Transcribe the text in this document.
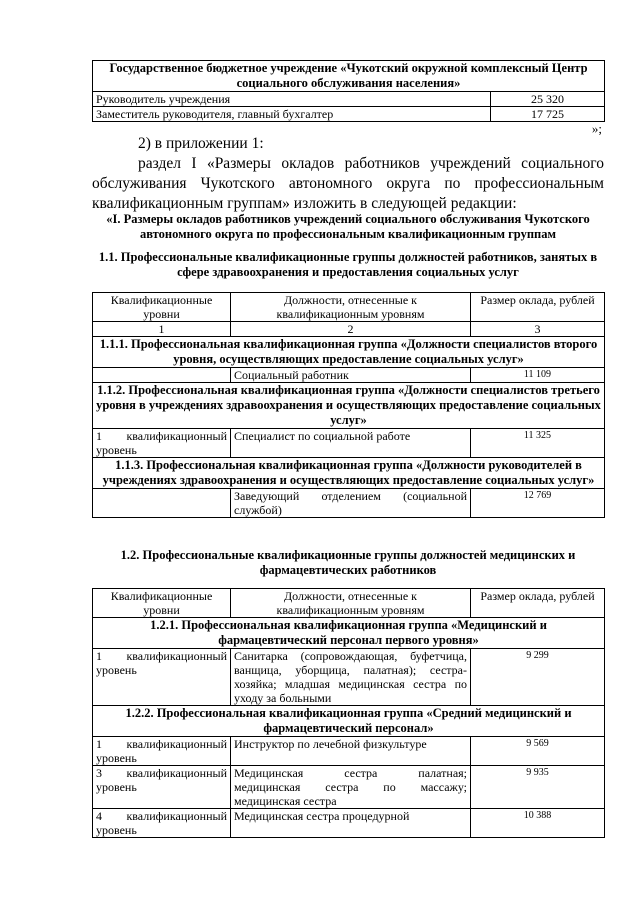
Государственное бюджетное учреждение «Чукотский окружной комплексный Центр социального обслуживания населения»	
Руководитель учреждения	25 320
Заместитель руководителя, главный бухгалтер	17 725
»;
2) в приложении 1:
раздел I «Размеры окладов работников учреждений социального
обслуживания Чукотского автономного округа по профессиональным
квалификационным группам» изложить в следующей редакции:
«I. Размеры окладов работников учреждений социального обслуживания Чукотского автономного округа по профессиональным квалификационным группам
1.1. Профессиональные квалификационные группы должностей работников, занятых в сфере здравоохранения и предоставления социальных услуг
Квалификационные уровни	Должности, отнесенные к квалификационным уровням	Размер оклада, рублей
1	2	3
1.1.1. Профессиональная квалификационная группа «Должности специалистов второго уровня, осуществляющих предоставление социальных услуг»		
	Социальный работник	11 109
1.1.2. Профессиональная квалификационная группа «Должности специалистов третьего уровня в учреждениях здравоохранения и осуществляющих предоставление социальных услуг»		

1 квалификационный
уровень	Специалист по социальной работе	11 325
1.1.3. Профессиональная квалификационная группа «Должности руководителей в учреждениях здравоохранения и осуществляющих предоставление социальных услуг»		

	Заведующий отделением (социальной
службой)	12 769
1.2. Профессиональные квалификационные группы должностей медицинских и фармацевтических работников
Квалификационные уровни	Должности, отнесенные к квалификационным уровням	Размер оклада, рублей
1.2.1. Профессиональная квалификационная группа «Медицинский и фармацевтический персонал первого уровня»		

1 квалификационный
уровень	Санитарка (сопровождающая, буфетчица, ванщица, уборщица, палатная); сестра-хозяйка; младшая медицинская сестра по уходу за больными	9 299
1.2.2. Профессиональная квалификационная группа «Средний медицинский и фармацевтический персонал»		

1 квалификационный
уровень	Инструктор по лечебной физкультуре	9 569

3 квалификационный
уровень	Медицинская сестра палатная;
медицинская сестра по массажу;
медицинская сестра	9 935

4 квалификационный
уровень	Медицинская сестра процедурной	10 388
